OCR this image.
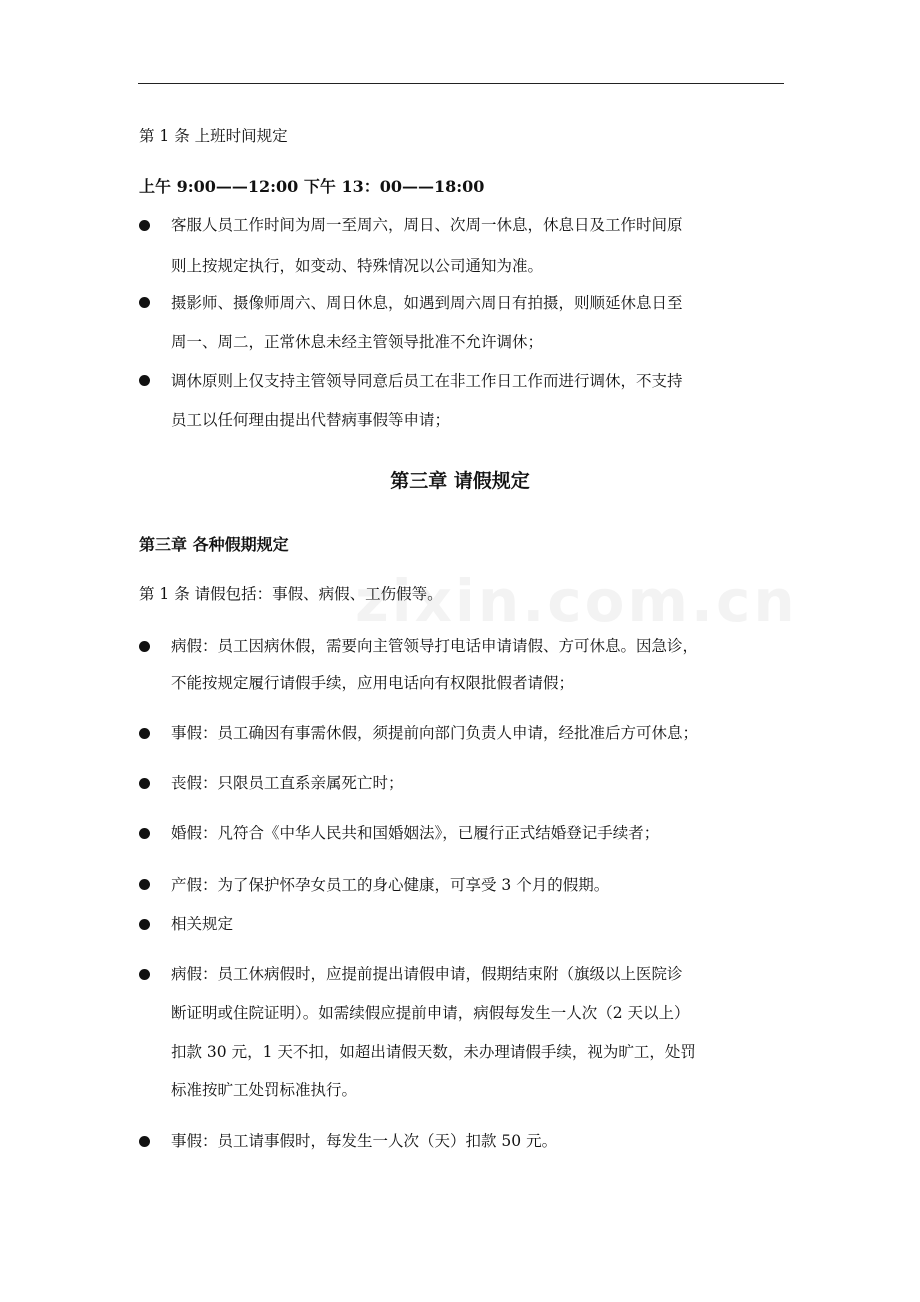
zixin.com.cn
第 1 条 上班时间规定
上午 9:00——12:00 下午 13：00——18:00
客服人员工作时间为周一至周六，周日、次周一休息，休息日及工作时间原
则上按规定执行，如变动、特殊情况以公司通知为准。
摄影师、摄像师周六、周日休息，如遇到周六周日有拍摄，则顺延休息日至
周一、周二，正常休息未经主管领导批准不允许调休；
调休原则上仅支持主管领导同意后员工在非工作日工作而进行调休，不支持
员工以任何理由提出代替病事假等申请；
第三章 请假规定
第三章 各种假期规定
第 1 条 请假包括：事假、病假、工伤假等。
病假：员工因病休假，需要向主管领导打电话申请请假、方可休息。因急诊，
不能按规定履行请假手续，应用电话向有权限批假者请假；
事假：员工确因有事需休假，须提前向部门负责人申请，经批准后方可休息；
丧假：只限员工直系亲属死亡时；
婚假：凡符合《中华人民共和国婚姻法》，已履行正式结婚登记手续者；
产假：为了保护怀孕女员工的身心健康，可享受 3 个月的假期。
相关规定
病假：员工休病假时，应提前提出请假申请，假期结束附（旗级以上医院诊
断证明或住院证明）。如需续假应提前申请，病假每发生一人次（2 天以上）
扣款 30 元，1 天不扣，如超出请假天数，未办理请假手续，视为旷工，处罚
标准按旷工处罚标准执行。
事假：员工请事假时，每发生一人次（天）扣款 50 元。
